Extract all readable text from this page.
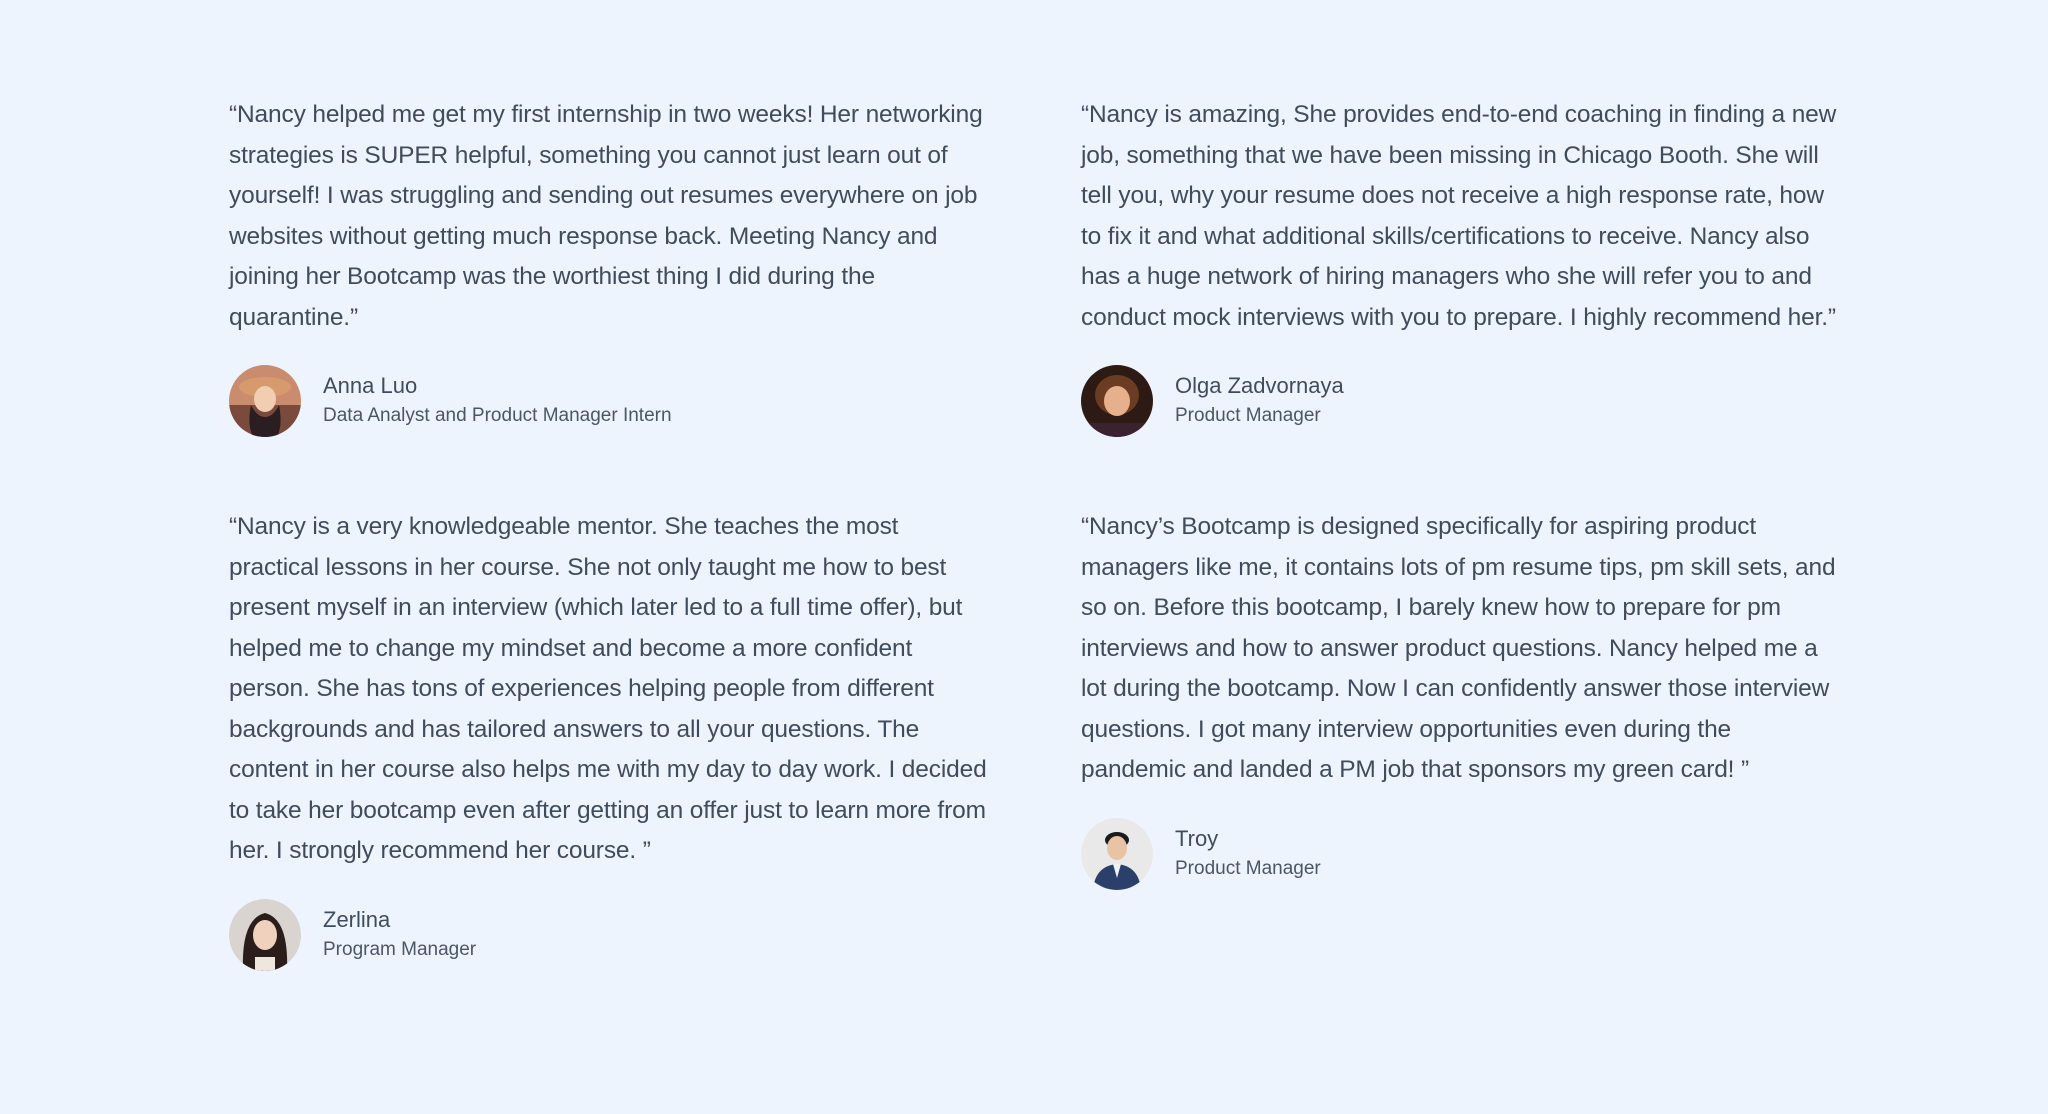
“Nancy helped me get my first internship in two weeks! Her networking strategies is SUPER helpful, something you cannot just learn out of yourself! I was struggling and sending out resumes everywhere on job websites without getting much response back. Meeting Nancy and joining her Bootcamp was the worthiest thing I did during the quarantine.”

Anna Luo
Data Analyst and Product Manager Intern

“Nancy is amazing, She provides end-to-end coaching in finding a new job, something that we have been missing in Chicago Booth. She will tell you, why your resume does not receive a high response rate, how to fix it and what additional skills/certifications to receive. Nancy also has a huge network of hiring managers who she will refer you to and conduct mock interviews with you to prepare. I highly recommend her.”

Olga Zadvornaya
Product Manager

“Nancy is a very knowledgeable mentor. She teaches the most practical lessons in her course. She not only taught me how to best present myself in an interview (which later led to a full time offer), but helped me to change my mindset and become a more confident person. She has tons of experiences helping people from different backgrounds and has tailored answers to all your questions. The content in her course also helps me with my day to day work. I decided to take her bootcamp even after getting an offer just to learn more from her. I strongly recommend her course. ”

Zerlina
Program Manager

“Nancy’s Bootcamp is designed specifically for aspiring product managers like me, it contains lots of pm resume tips, pm skill sets, and so on. Before this bootcamp, I barely knew how to prepare for pm interviews and how to answer product questions. Nancy helped me a lot during the bootcamp. Now I can confidently answer those interview questions. I got many interview opportunities even during the pandemic and landed a PM job that sponsors my green card! ”

Troy
Product Manager
